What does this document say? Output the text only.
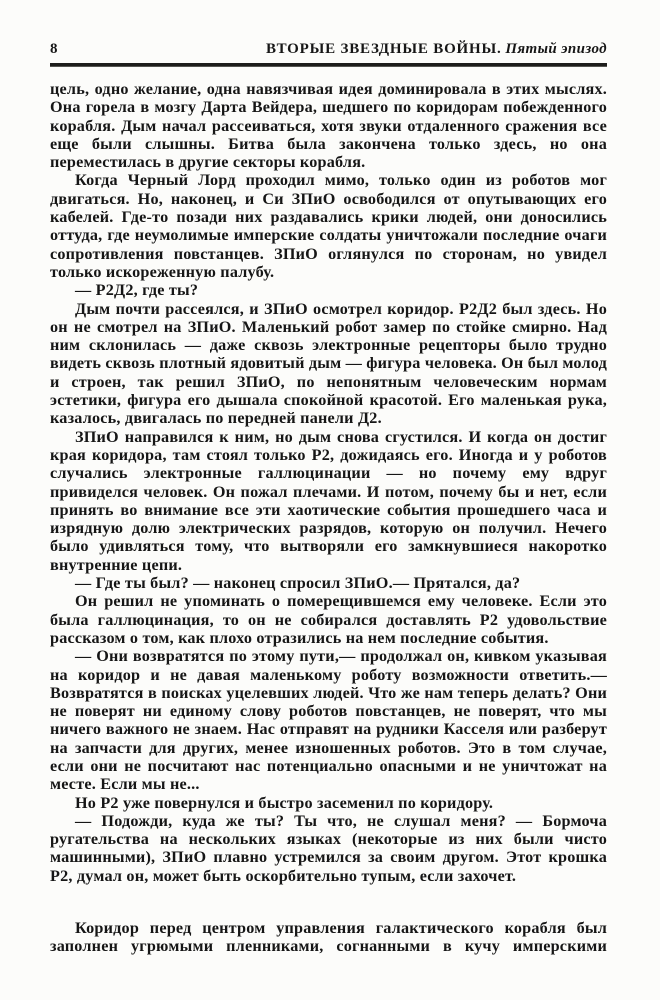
8	ВТОРЫЕ ЗВЕЗДНЫЕ ВОЙНЫ. Пятый эпизод

цель, одно желание, одна навязчивая идея доминировала в этих мыслях. Она горела в мозгу Дарта Вейдера, шедшего по коридорам побежденного корабля. Дым начал рассеиваться, хотя звуки отдаленного сражения все еще были слышны. Битва была закончена только здесь, но она переместилась в другие секторы корабля.

Когда Черный Лорд проходил мимо, только один из роботов мог двигаться. Но, наконец, и Си ЗПиО освободился от опутывающих его кабелей. Где-то позади них раздавались крики людей, они доносились оттуда, где неумолимые имперские солдаты уничтожали последние очаги сопротивления повстанцев. ЗПиО оглянулся по сторонам, но увидел только искореженную палубу.

— Р2Д2, где ты?

Дым почти рассеялся, и ЗПиО осмотрел коридор. Р2Д2 был здесь. Но он не смотрел на ЗПиО. Маленький робот замер по стойке смирно. Над ним склонилась — даже сквозь электронные рецепторы было трудно видеть сквозь плотный ядовитый дым — фигура человека. Он был молод и строен, так решил ЗПиО, по непонятным человеческим нормам эстетики, фигура его дышала спокойной красотой. Его маленькая рука, казалось, двигалась по передней панели Д2.

ЗПиО направился к ним, но дым снова сгустился. И когда он достиг края коридора, там стоял только Р2, дожидаясь его. Иногда и у роботов случались электронные галлюцинации — но почему ему вдруг привиделся человек. Он пожал плечами. И потом, почему бы и нет, если принять во внимание все эти хаотические события прошедшего часа и изрядную долю электрических разрядов, которую он получил. Нечего было удивляться тому, что вытворяли его замкнувшиеся накоротко внутренние цепи.

— Где ты был? — наконец спросил ЗПиО.— Прятался, да?

Он решил не упоминать о померещившемся ему человеке. Если это была галлюцинация, то он не собирался доставлять Р2 удовольствие рассказом о том, как плохо отразились на нем последние события.

— Они возвратятся по этому пути,— продолжал он, кивком указывая на коридор и не давая маленькому роботу возможности ответить.— Возвратятся в поисках уцелевших людей. Что же нам теперь делать? Они не поверят ни единому слову роботов повстанцев, не поверят, что мы ничего важного не знаем. Нас отправят на рудники Касселя или разберут на запчасти для других, менее изношенных роботов. Это в том случае, если они не посчитают нас потенциально опасными и не уничтожат на месте. Если мы не...

Но Р2 уже повернулся и быстро засеменил по коридору.

— Подожди, куда же ты? Ты что, не слушал меня? — Бормоча ругательства на нескольких языках (некоторые из них были чисто машинными), ЗПиО плавно устремился за своим другом. Этот крошка Р2, думал он, может быть оскорбительно тупым, если захочет.

Коридор перед центром управления галактического корабля был заполнен угрюмыми пленниками, согнанными в кучу имперскими
